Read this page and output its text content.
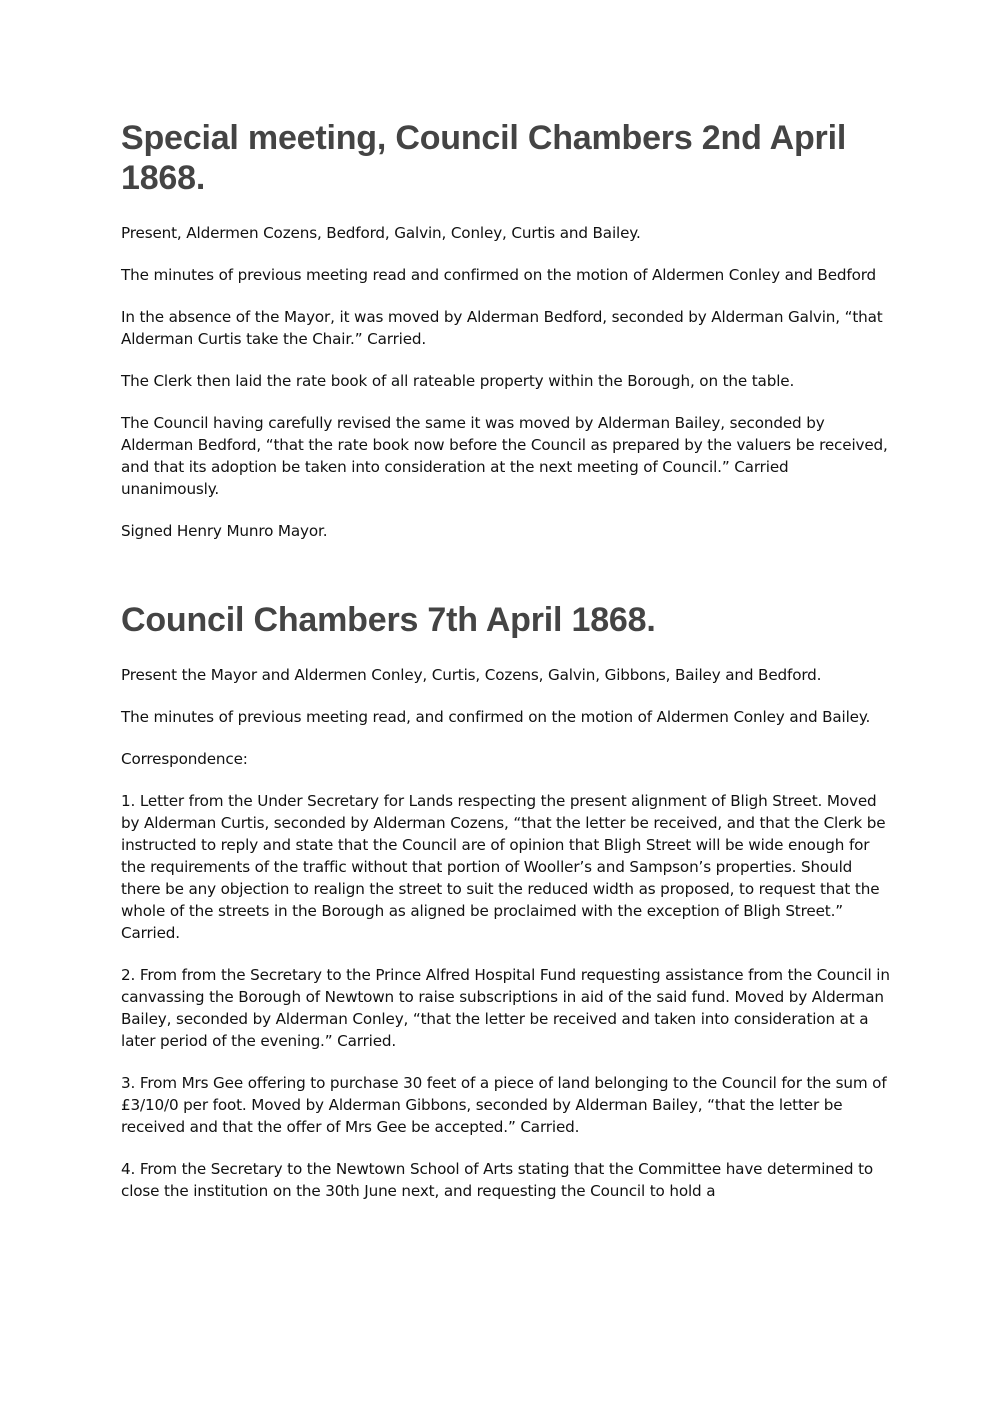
Special meeting, Council Chambers 2nd April 1868.

Present, Aldermen Cozens, Bedford, Galvin, Conley, Curtis and Bailey.

The minutes of previous meeting read and confirmed on the motion of Aldermen Conley and Bedford

In the absence of the Mayor, it was moved by Alderman Bedford, seconded by Alderman Galvin, “that Alderman Curtis take the Chair.” Carried.

The Clerk then laid the rate book of all rateable property within the Borough, on the table.

The Council having carefully revised the same it was moved by Alderman Bailey, seconded by Alderman Bedford, “that the rate book now before the Council as prepared by the valuers be received, and that its adoption be taken into consideration at the next meeting of Council.” Carried unanimously.

Signed Henry Munro Mayor.

Council Chambers 7th April 1868.

Present the Mayor and Aldermen Conley, Curtis, Cozens, Galvin, Gibbons, Bailey and Bedford.

The minutes of previous meeting read, and confirmed on the motion of Aldermen Conley and Bailey.

Correspondence:

1. Letter from the Under Secretary for Lands respecting the present alignment of Bligh Street. Moved by Alderman Curtis, seconded by Alderman Cozens, “that the letter be received, and that the Clerk be instructed to reply and state that the Council are of opinion that Bligh Street will be wide enough for the requirements of the traffic without that portion of Wooller’s and Sampson’s properties. Should there be any objection to realign the street to suit the reduced width as proposed, to request that the whole of the streets in the Borough as aligned be proclaimed with the exception of Bligh Street.” Carried.

2. From from the Secretary to the Prince Alfred Hospital Fund requesting assistance from the Council in canvassing the Borough of Newtown to raise subscriptions in aid of the said fund. Moved by Alderman Bailey, seconded by Alderman Conley, “that the letter be received and taken into consideration at a later period of the evening.” Carried.

3. From Mrs Gee offering to purchase 30 feet of a piece of land belonging to the Council for the sum of £3/10/0 per foot. Moved by Alderman Gibbons, seconded by Alderman Bailey, “that the letter be received and that the offer of Mrs Gee be accepted.” Carried.

4. From the Secretary to the Newtown School of Arts stating that the Committee have determined to close the institution on the 30th June next, and requesting the Council to hold a
